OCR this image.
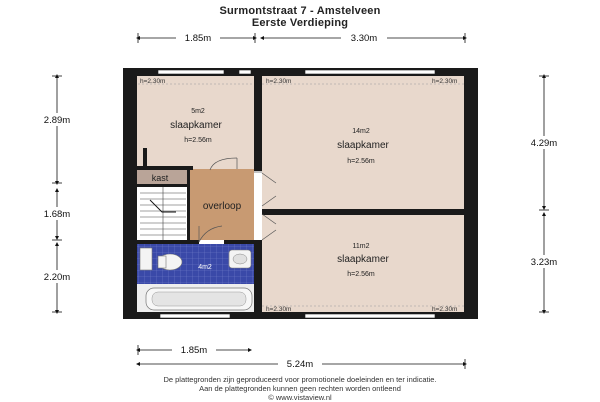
Surmontstraat 7 - Amstelveen
Eerste Verdieping
1.85m	3.30m
2.89m
1.68m
2.20m
4.29m
3.23m
1.85m
5.24m
5m2
slaapkamer
h=2.56m
14m2
slaapkamer
h=2.56m
11m2
slaapkamer
h=2.56m
kast
overloop
4m2
h=2.30m	h=2.30m	h=2.30m
h=2.30m	h=2.30m
De plattegronden zijn geproduceerd voor promotionele doeleinden en ter indicatie.
Aan de plattegronden kunnen geen rechten worden ontleend
© www.vistaview.nl
